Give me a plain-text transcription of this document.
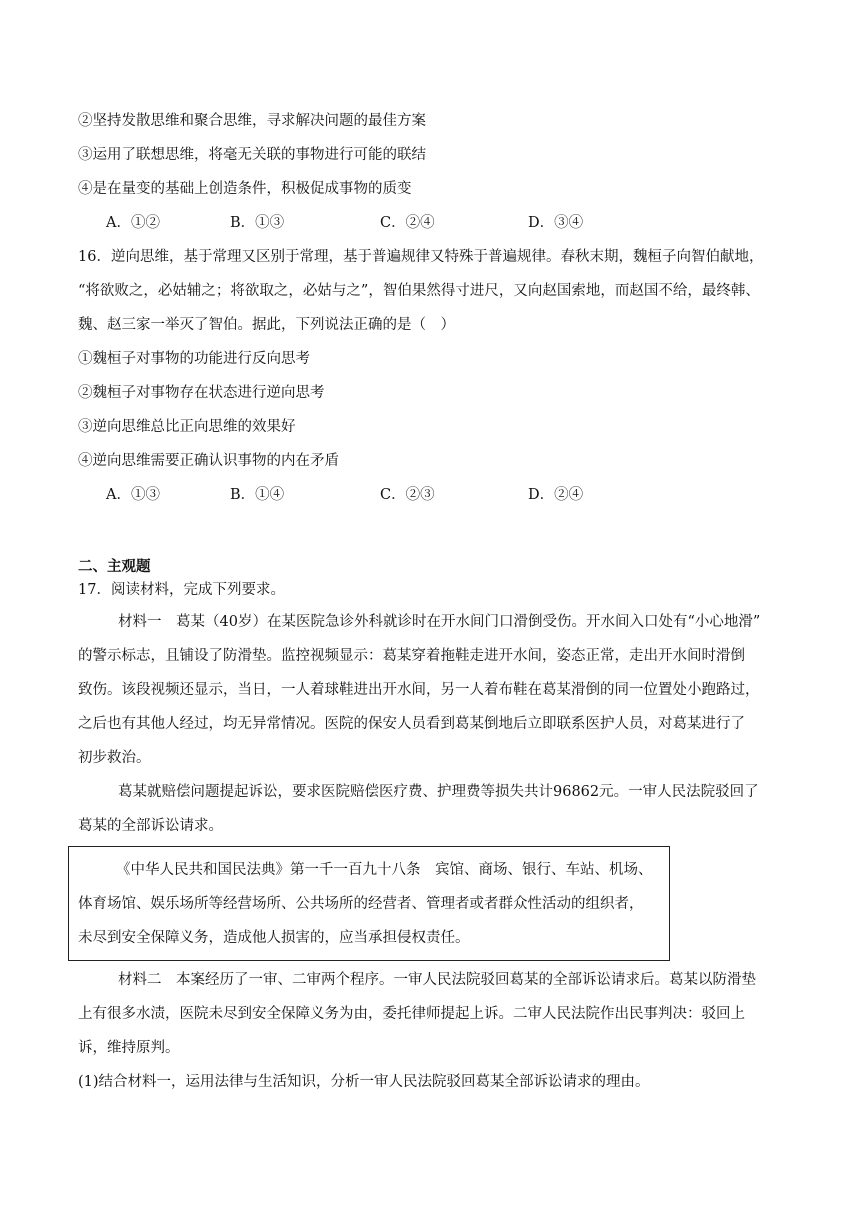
②坚持发散思维和聚合思维，寻求解决问题的最佳方案
③运用了联想思维，将毫无关联的事物进行可能的联结
④是在量变的基础上创造条件，积极促成事物的质变
A．①②	B．①③	C．②④	D．③④
16．逆向思维，基于常理又区别于常理，基于普遍规律又特殊于普遍规律。春秋末期，魏桓子向智伯献地，
“将欲败之，必姑辅之；将欲取之，必姑与之”，智伯果然得寸进尺，又向赵国索地，而赵国不给，最终韩、
魏、赵三家一举灭了智伯。据此，下列说法正确的是（　）
①魏桓子对事物的功能进行反向思考
②魏桓子对事物存在状态进行逆向思考
③逆向思维总比正向思维的效果好
④逆向思维需要正确认识事物的内在矛盾
A．①③	B．①④	C．②③	D．②④
二、主观题
17．阅读材料，完成下列要求。
材料一　葛某（40岁）在某医院急诊外科就诊时在开水间门口滑倒受伤。开水间入口处有“小心地滑”
的警示标志，且铺设了防滑垫。监控视频显示：葛某穿着拖鞋走进开水间，姿态正常，走出开水间时滑倒
致伤。该段视频还显示，当日，一人着球鞋进出开水间，另一人着布鞋在葛某滑倒的同一位置处小跑路过，
之后也有其他人经过，均无异常情况。医院的保安人员看到葛某倒地后立即联系医护人员，对葛某进行了
初步救治。
葛某就赔偿问题提起诉讼，要求医院赔偿医疗费、护理费等损失共计96862元。一审人民法院驳回了
葛某的全部诉讼请求。
《中华人民共和国民法典》第一千一百九十八条　宾馆、商场、银行、车站、机场、
体育场馆、娱乐场所等经营场所、公共场所的经营者、管理者或者群众性活动的组织者，
未尽到安全保障义务，造成他人损害的，应当承担侵权责任。
材料二　本案经历了一审、二审两个程序。一审人民法院驳回葛某的全部诉讼请求后。葛某以防滑垫
上有很多水渍，医院未尽到安全保障义务为由，委托律师提起上诉。二审人民法院作出民事判决：驳回上
诉，维持原判。
(1)结合材料一，运用法律与生活知识，分析一审人民法院驳回葛某全部诉讼请求的理由。
